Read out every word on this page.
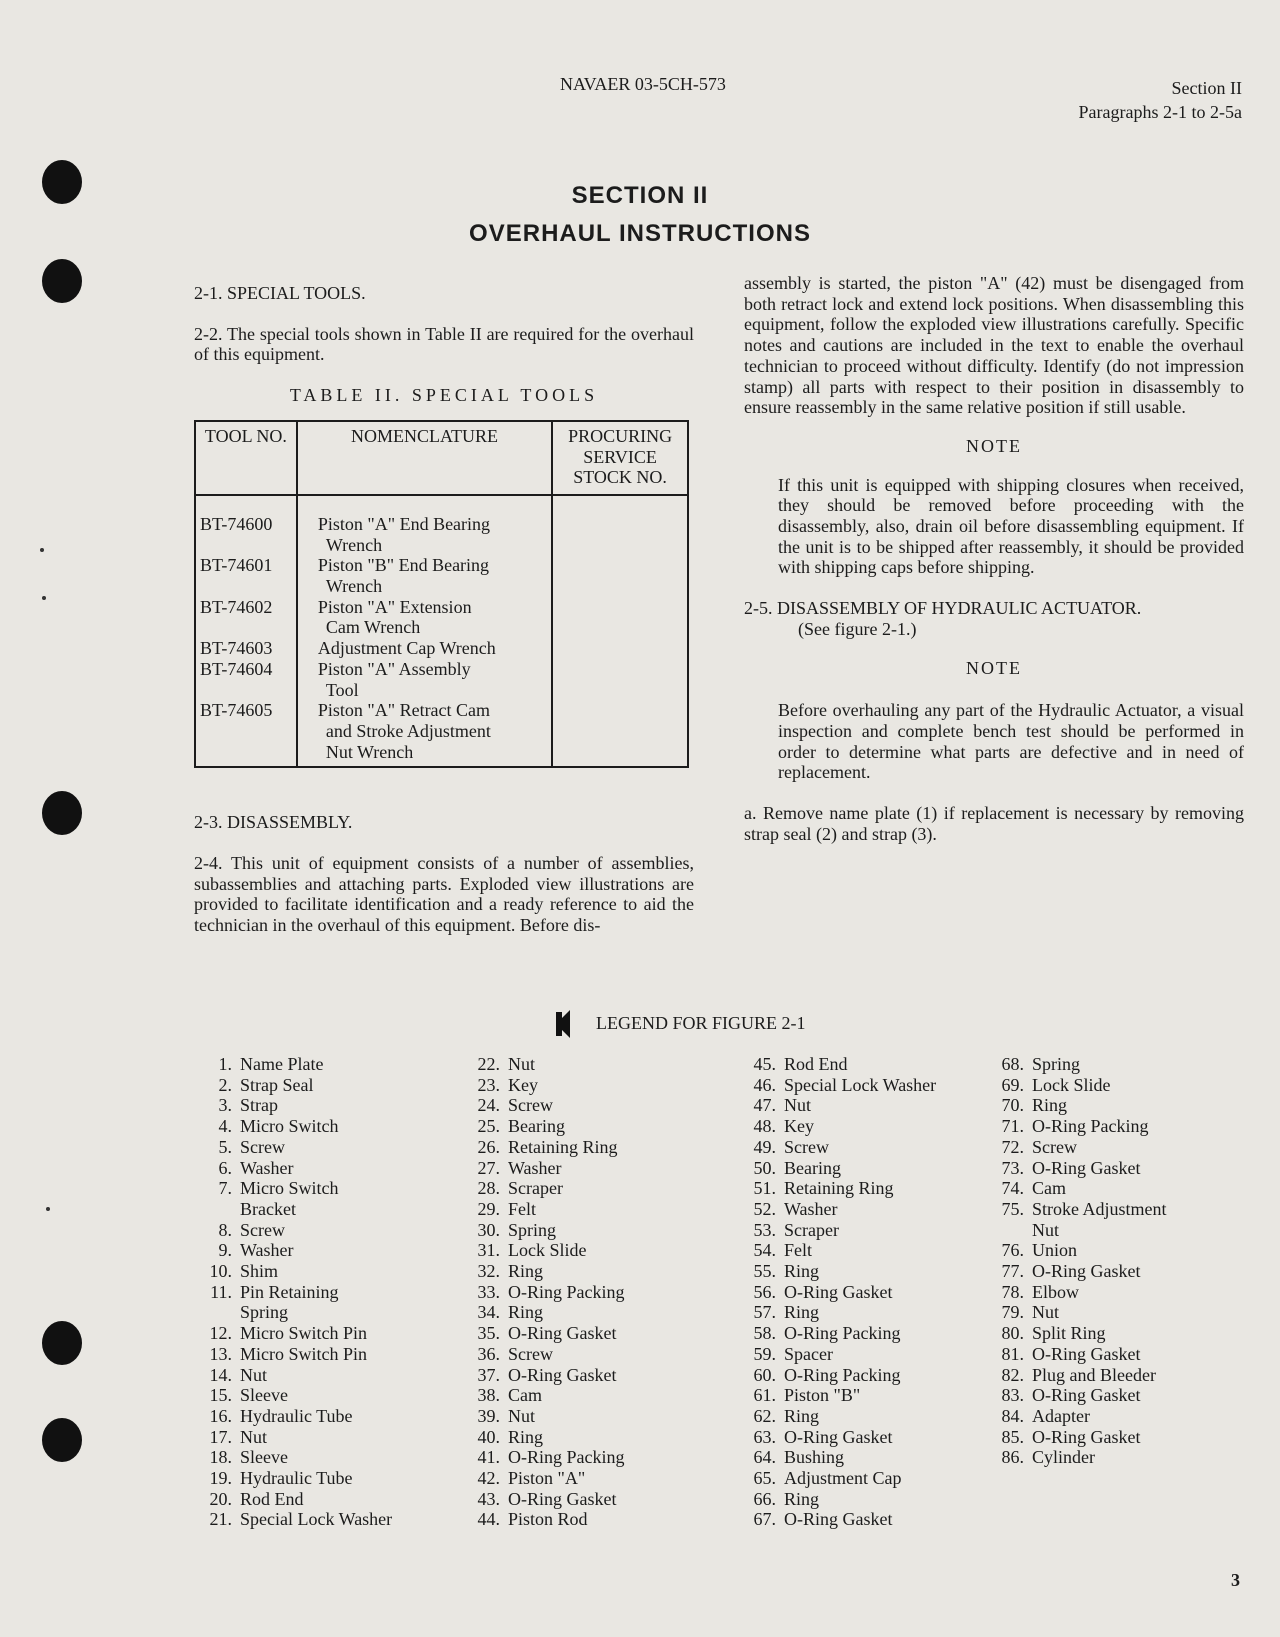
NAVAER 03-5CH-573	Section II
Paragraphs 2-1 to 2-5a
SECTION II
OVERHAUL INSTRUCTIONS

2-1. SPECIAL TOOLS.

2-2. The special tools shown in Table II are required for the overhaul of this equipment.

TABLE II. SPECIAL TOOLS
TOOL NO.	NOMENCLATURE	PROCURING SERVICE STOCK NO.
BT-74600	Piston "A" End Bearing
Wrench	

BT-74601	Piston "B" End Bearing
Wrench	

BT-74602	Piston "A" Extension
Cam Wrench	

BT-74603	Adjustment Cap Wrench	

BT-74604	Piston "A" Assembly
Tool	

BT-74605	Piston "A" Retract Cam
and Stroke Adjustment
Nut Wrench	

2-3. DISASSEMBLY.

2-4. This unit of equipment consists of a number of assemblies, subassemblies and attaching parts. Exploded view illustrations are provided to facilitate identification and a ready reference to aid the technician in the overhaul of this equipment. Before dis-

assembly is started, the piston "A" (42) must be disengaged from both retract lock and extend lock positions. When disassembling this equipment, follow the exploded view illustrations carefully. Specific notes and cautions are included in the text to enable the overhaul technician to proceed without difficulty. Identify (do not impression stamp) all parts with respect to their position in disassembly to ensure reassembly in the same relative position if still usable.

NOTE

If this unit is equipped with shipping closures when received, they should be removed before proceeding with the disassembly, also, drain oil before disassembling equipment. If the unit is to be shipped after reassembly, it should be provided with shipping caps before shipping.

2-5. DISASSEMBLY OF HYDRAULIC ACTUATOR.
(See figure 2-1.)
NOTE

Before overhauling any part of the Hydraulic Actuator, a visual inspection and complete bench test should be performed in order to determine what parts are defective and in need of replacement.

a. Remove name plate (1) if replacement is necessary by removing strap seal (2) and strap (3).

LEGEND FOR FIGURE 2-1
1. Name Plate
2. Strap Seal
3. Strap
4. Micro Switch
5. Screw
6. Washer
7. Micro Switch
Bracket
8. Screw
9. Washer
10. Shim
11. Pin Retaining
Spring
12. Micro Switch Pin
13. Micro Switch Pin
14. Nut
15. Sleeve
16. Hydraulic Tube
17. Nut
18. Sleeve
19. Hydraulic Tube
20. Rod End
21. Special Lock Washer
22. Nut
23. Key
24. Screw
25. Bearing
26. Retaining Ring
27. Washer
28. Scraper
29. Felt
30. Spring
31. Lock Slide
32. Ring
33. O-Ring Packing
34. Ring
35. O-Ring Gasket
36. Screw
37. O-Ring Gasket
38. Cam
39. Nut
40. Ring
41. O-Ring Packing
42. Piston "A"
43. O-Ring Gasket
44. Piston Rod
45. Rod End
46. Special Lock Washer
47. Nut
48. Key
49. Screw
50. Bearing
51. Retaining Ring
52. Washer
53. Scraper
54. Felt
55. Ring
56. O-Ring Gasket
57. Ring
58. O-Ring Packing
59. Spacer
60. O-Ring Packing
61. Piston "B"
62. Ring
63. O-Ring Gasket
64. Bushing
65. Adjustment Cap
66. Ring
67. O-Ring Gasket
68. Spring
69. Lock Slide
70. Ring
71. O-Ring Packing
72. Screw
73. O-Ring Gasket
74. Cam
75. Stroke Adjustment
Nut
76. Union
77. O-Ring Gasket
78. Elbow
79. Nut
80. Split Ring
81. O-Ring Gasket
82. Plug and Bleeder
83. O-Ring Gasket
84. Adapter
85. O-Ring Gasket
86. Cylinder
3
